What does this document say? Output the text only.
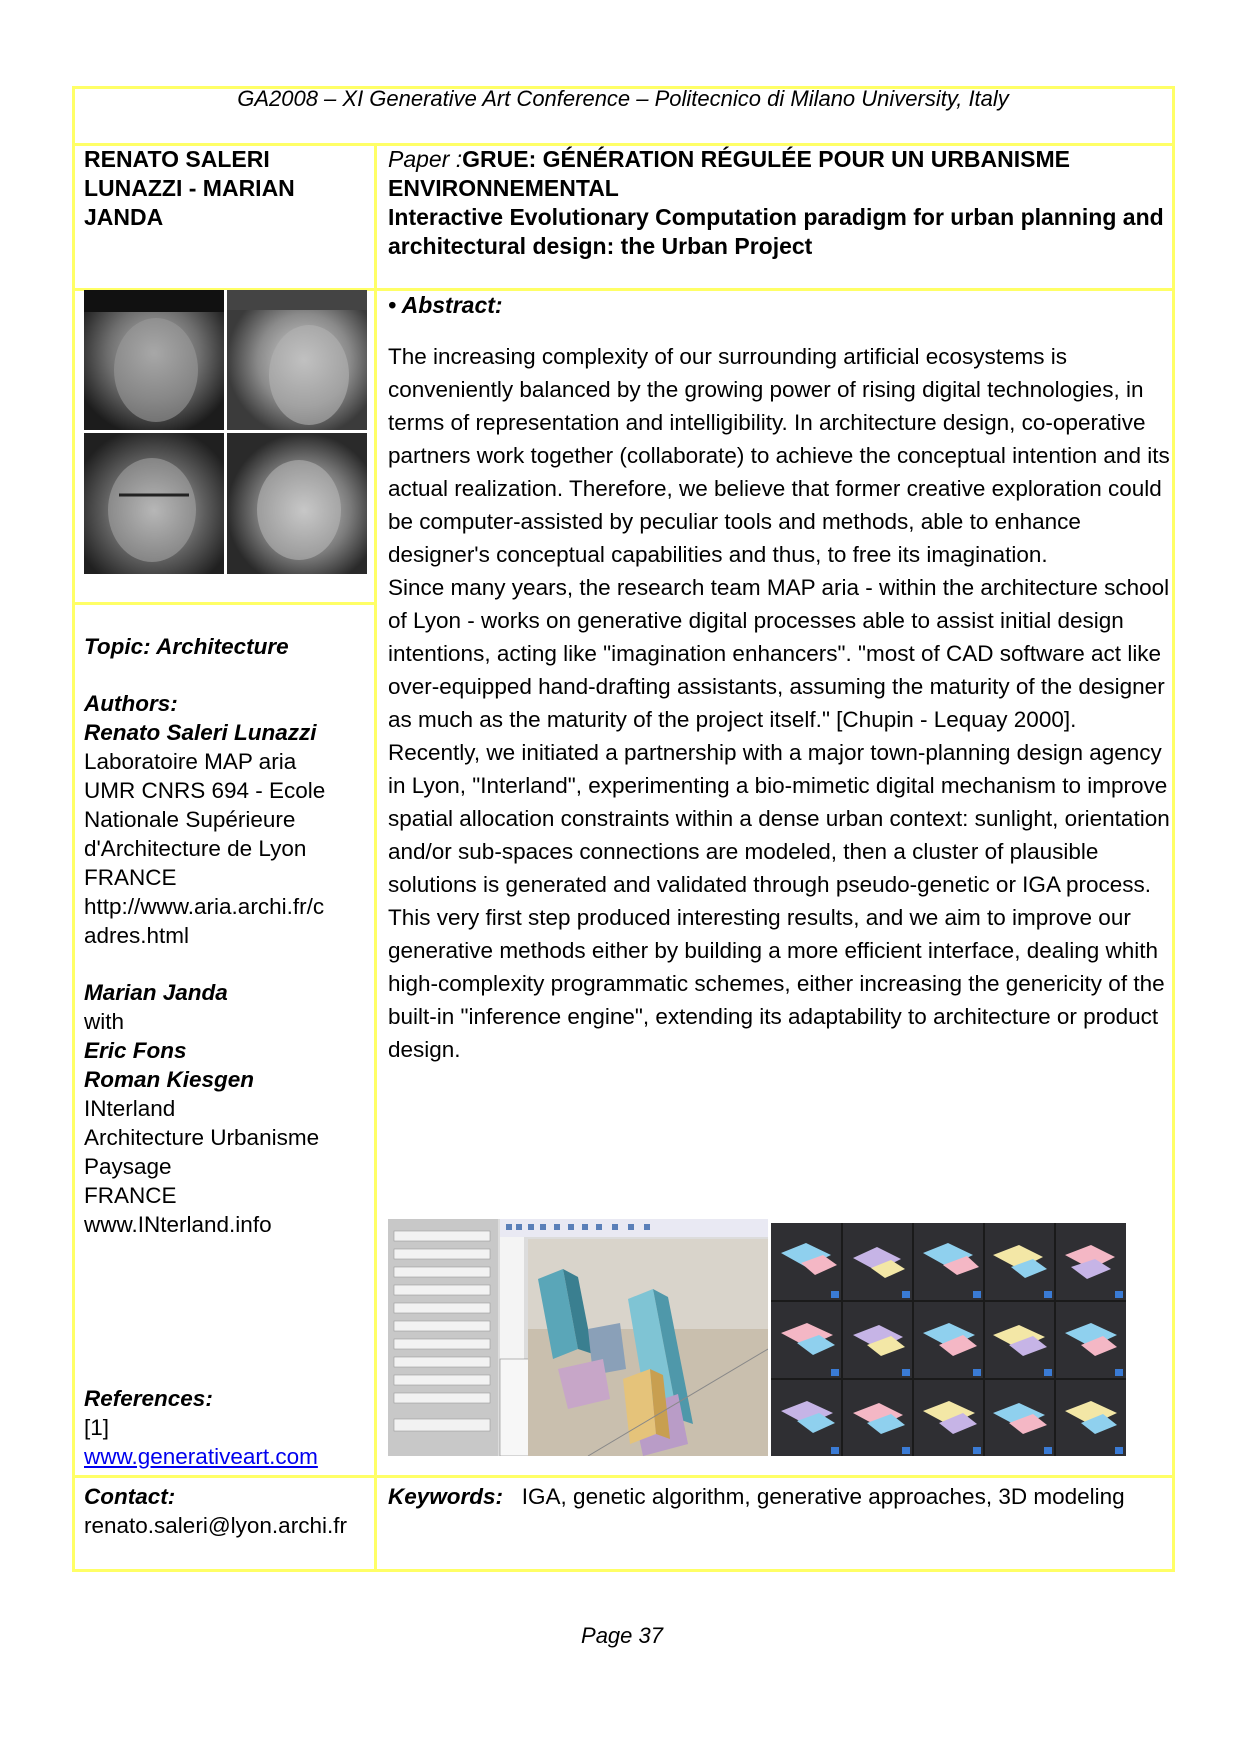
GA2008 – XI Generative Art Conference – Politecnico di Milano University, Italy
RENATO SALERI LUNAZZI - MARIAN JANDA
Paper :GRUE: GÉNÉRATION RÉGULÉE POUR UN URBANISME ENVIRONNEMENTAL
Interactive Evolutionary Computation paradigm for urban planning and architectural design: the Urban Project
Topic: Architecture
Authors:
Renato Saleri Lunazzi
Laboratoire MAP aria
UMR CNRS 694 - Ecole
Nationale Supérieure
d'Architecture de Lyon
FRANCE
http://www.aria.archi.fr/c
adres.html
Marian Janda
with
Eric Fons
Roman Kiesgen
INterland
Architecture Urbanisme
Paysage
FRANCE
www.INterland.info
References:
[1]
www.generativeart.com
• Abstract:

The increasing complexity of our surrounding artificial ecosystems is conveniently balanced by the growing power of rising digital technologies, in terms of representation and intelligibility. In architecture design, co-operative partners work together (collaborate) to achieve the conceptual intention and its actual realization. Therefore, we believe that former creative exploration could be computer-assisted by peculiar tools and methods, able to enhance designer's conceptual capabilities and thus, to free its imagination.

Since many years, the research team MAP aria - within the architecture school of Lyon - works on generative digital processes able to assist initial design intentions, acting like "imagination enhancers". "most of CAD software act like over-equipped hand-drafting assistants, assuming the maturity of the designer as much as the maturity of the project itself." [Chupin - Lequay 2000].

Recently, we initiated a partnership with a major town-planning design agency in Lyon, "Interland", experimenting a bio-mimetic digital mechanism to improve spatial allocation constraints within a dense urban context: sunlight, orientation and/or sub-spaces connections are modeled, then a cluster of plausible solutions is generated and validated through pseudo-genetic or IGA process.

This very first step produced interesting results, and we aim to improve our generative methods either by building a more efficient interface, dealing whith high-complexity programmatic schemes, either increasing the genericity of the built-in "inference engine", extending its adaptability to architecture or product design.

Contact:
renato.saleri@lyon.archi.fr
Keywords: IGA, genetic algorithm, generative approaches, 3D modeling
Page 37
